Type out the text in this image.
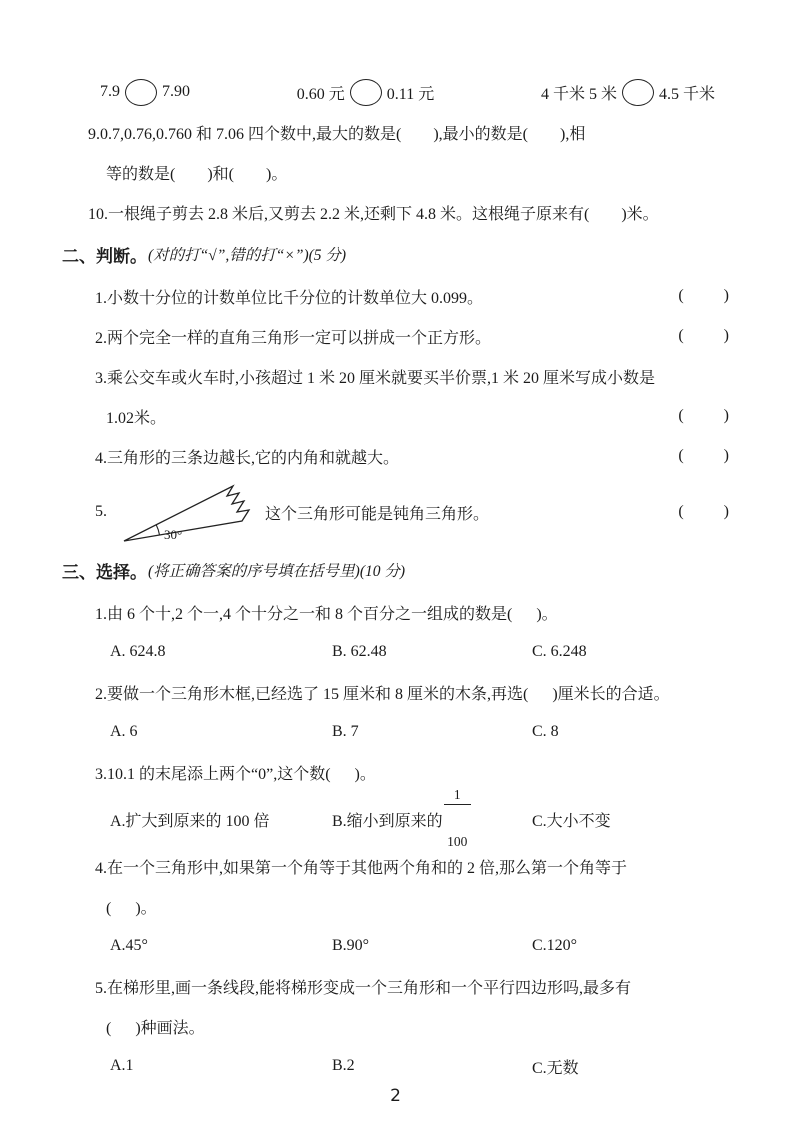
7.9	7.90	0.60 元	0.11 元	4 千米 5 米	4.5 千米
9.0.7,0.76,0.760 和 7.06 四个数中,最大的数是(        ),最小的数是(        ),相
等的数是(        )和(        )。
10.一根绳子剪去 2.8 米后,又剪去 2.2 米,还剩下 4.8 米。这根绳子原来有(        )米。
二、判断。 (对的打“√”,错的打“×”)(5 分)
1.小数十分位的计数单位比千分位的计数单位大 0.099。	(          )
2.两个完全一样的直角三角形一定可以拼成一个正方形。	(          )
3.乘公交车或火车时,小孩超过 1 米 20 厘米就要买半价票,1 米 20 厘米写成小数是
1.02米。	(          )
4.三角形的三条边越长,它的内角和就越大。	(          )
5.
30°
这个三角形可能是钝角三角形。	(          )
三、选择。 (将正确答案的序号填在括号里)(10 分)
1.由 6 个十,2 个一,4 个十分之一和 8 个百分之一组成的数是(      )。
A. 624.8	B. 62.48	C. 6.248
2.要做一个三角形木框,已经选了 15 厘米和 8 厘米的木条,再选(      )厘米长的合适。
A. 6	B. 7	C. 8
3.10.1 的末尾添上两个“0”,这个数(      )。
A.扩大到原来的 100 倍	B.缩小到原来的

$\frac{1}{100}$

	C.大小不变
4.在一个三角形中,如果第一个角等于其他两个角和的 2 倍,那么第一个角等于
(      )。
A.45°	B.90°	C.120°
5.在梯形里,画一条线段,能将梯形变成一个三角形和一个平行四边形吗,最多有
(      )种画法。
A.1	B.2	C.无数
2
